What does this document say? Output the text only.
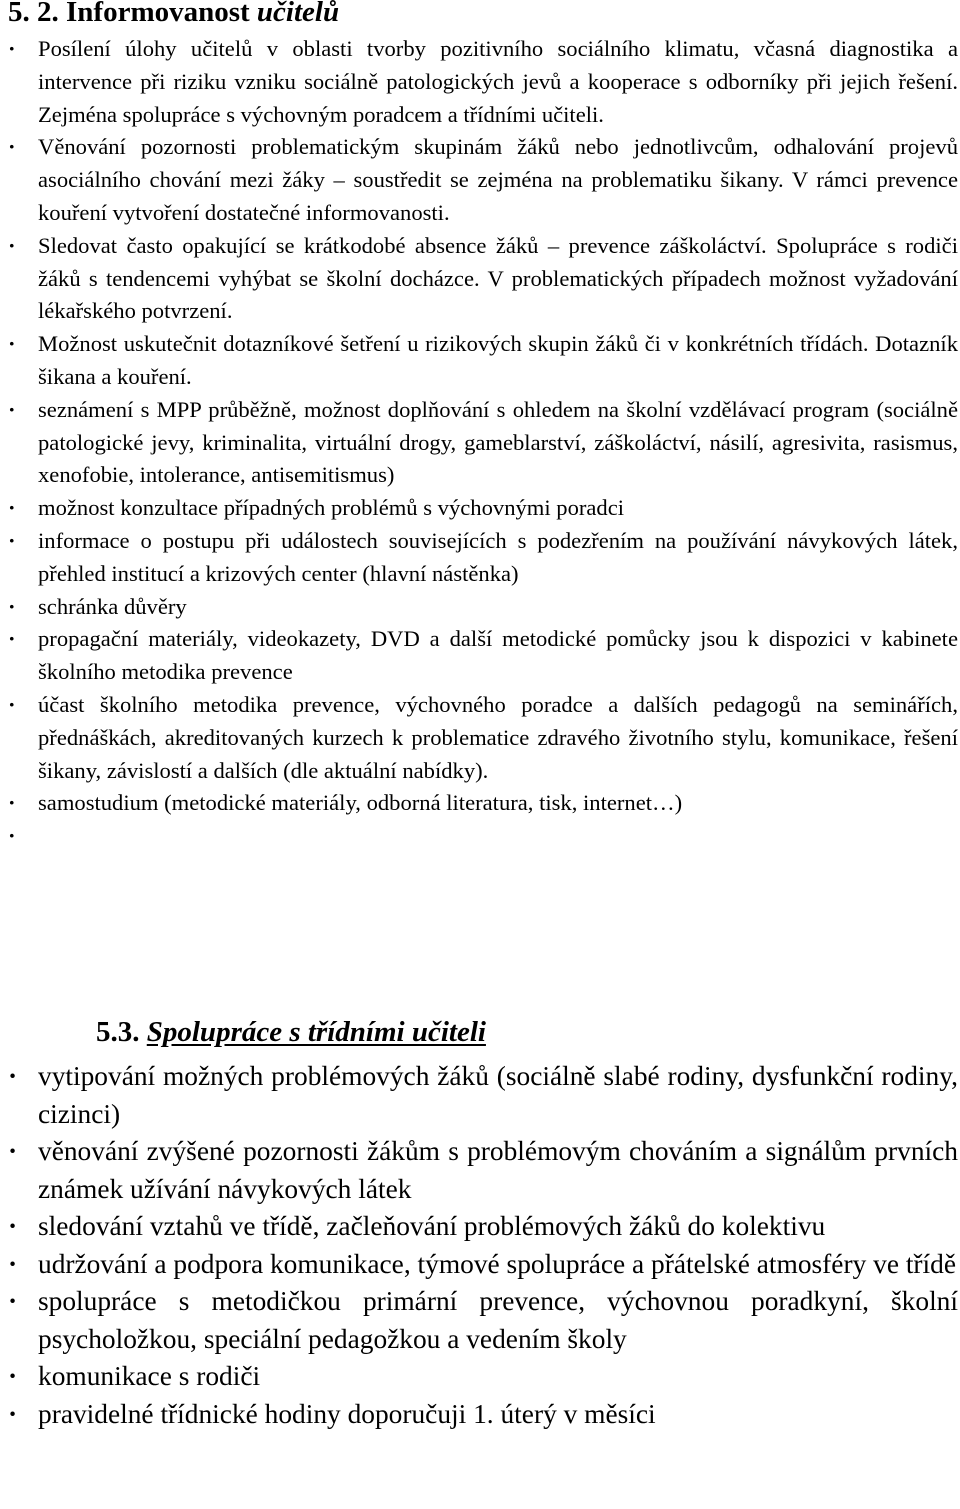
5. 2. Informovanost učitelů
· Posílení úlohy učitelů v oblasti tvorby pozitivního sociálního klimatu, včasná diagnostika a intervence při riziku vzniku sociálně patologických jevů a kooperace s odborníky při jejich řešení. Zejména spolupráce s výchovným poradcem a třídními učiteli.
· Věnování pozornosti problematickým skupinám žáků nebo jednotlivcům, odhalování projevů asociálního chování mezi žáky – soustředit se zejména na problematiku šikany. V rámci prevence kouření vytvoření dostatečné informovanosti.
· Sledovat často opakující se krátkodobé absence žáků – prevence záškoláctví. Spolupráce s rodiči žáků s tendencemi vyhýbat se školní docházce. V problematických případech možnost vyžadování lékařského potvrzení.
· Možnost uskutečnit dotazníkové šetření u rizikových skupin žáků či v konkrétních třídách. Dotazník šikana a kouření.
· seznámení s MPP průběžně, možnost doplňování s ohledem na školní vzdělávací program (sociálně patologické jevy, kriminalita, virtuální drogy, gameblarství, záškoláctví, násilí, agresivita, rasismus, xenofobie, intolerance, antisemitismus)
· možnost konzultace případných problémů s výchovnými poradci
· informace o postupu při událostech souvisejících s podezřením na používání návykových látek, přehled institucí a krizových center (hlavní nástěnka)
· schránka důvěry
· propagační materiály, videokazety, DVD a další metodické pomůcky jsou k dispozici v kabinete školního metodika prevence
· účast školního metodika prevence, výchovného poradce a dalších pedagogů na seminářích, přednáškách, akreditovaných kurzech k problematice zdravého životního stylu, komunikace, řešení šikany, závislostí a dalších (dle aktuální nabídky).
· samostudium (metodické materiály, odborná literatura, tisk, internet…)
·
5.3. Spolupráce s třídními učiteli
· vytipování možných problémových žáků (sociálně slabé rodiny, dysfunkční rodiny, cizinci)
· věnování zvýšené pozornosti žákům s problémovým chováním a signálům prvních známek užívání návykových látek
· sledování vztahů ve třídě, začleňování problémových žáků do kolektivu
· udržování a podpora komunikace, týmové spolupráce a přátelské atmosféry ve třídě
· spolupráce s metodičkou primární prevence, výchovnou poradkyní, školní psycholožkou, speciální pedagožkou a vedením školy
· komunikace s rodiči
· pravidelné třídnické hodiny doporučuji 1. úterý v měsíci
